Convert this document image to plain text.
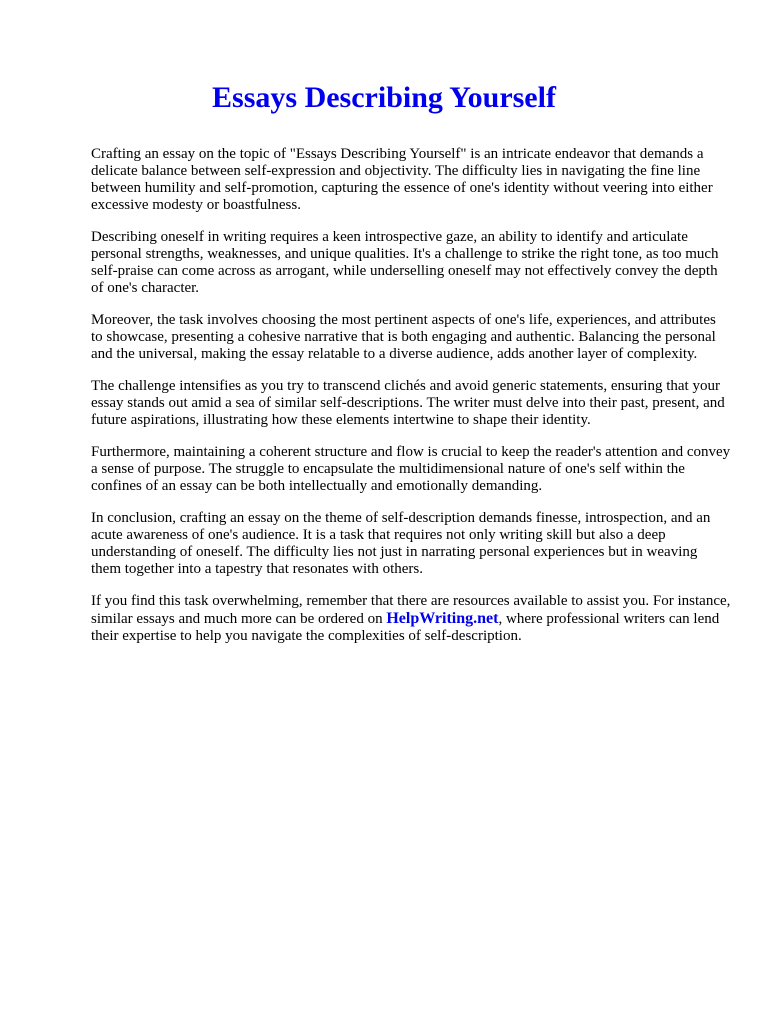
Essays Describing Yourself

Crafting an essay on the topic of "Essays Describing Yourself" is an intricate endeavor that demands a delicate balance between self-expression and objectivity. The difficulty lies in navigating the fine line between humility and self-promotion, capturing the essence of one's identity without veering into either excessive modesty or boastfulness.

Describing oneself in writing requires a keen introspective gaze, an ability to identify and articulate personal strengths, weaknesses, and unique qualities. It's a challenge to strike the right tone, as too much self-praise can come across as arrogant, while underselling oneself may not effectively convey the depth of one's character.

Moreover, the task involves choosing the most pertinent aspects of one's life, experiences, and attributes to showcase, presenting a cohesive narrative that is both engaging and authentic. Balancing the personal and the universal, making the essay relatable to a diverse audience, adds another layer of complexity.

The challenge intensifies as you try to transcend clichés and avoid generic statements, ensuring that your essay stands out amid a sea of similar self-descriptions. The writer must delve into their past, present, and future aspirations, illustrating how these elements intertwine to shape their identity.

Furthermore, maintaining a coherent structure and flow is crucial to keep the reader's attention and convey a sense of purpose. The struggle to encapsulate the multidimensional nature of one's self within the confines of an essay can be both intellectually and emotionally demanding.

In conclusion, crafting an essay on the theme of self-description demands finesse, introspection, and an acute awareness of one's audience. It is a task that requires not only writing skill but also a deep understanding of oneself. The difficulty lies not just in narrating personal experiences but in weaving them together into a tapestry that resonates with others.

If you find this task overwhelming, remember that there are resources available to assist you. For instance, similar essays and much more can be ordered on HelpWriting.net, where professional writers can lend their expertise to help you navigate the complexities of self-description.
